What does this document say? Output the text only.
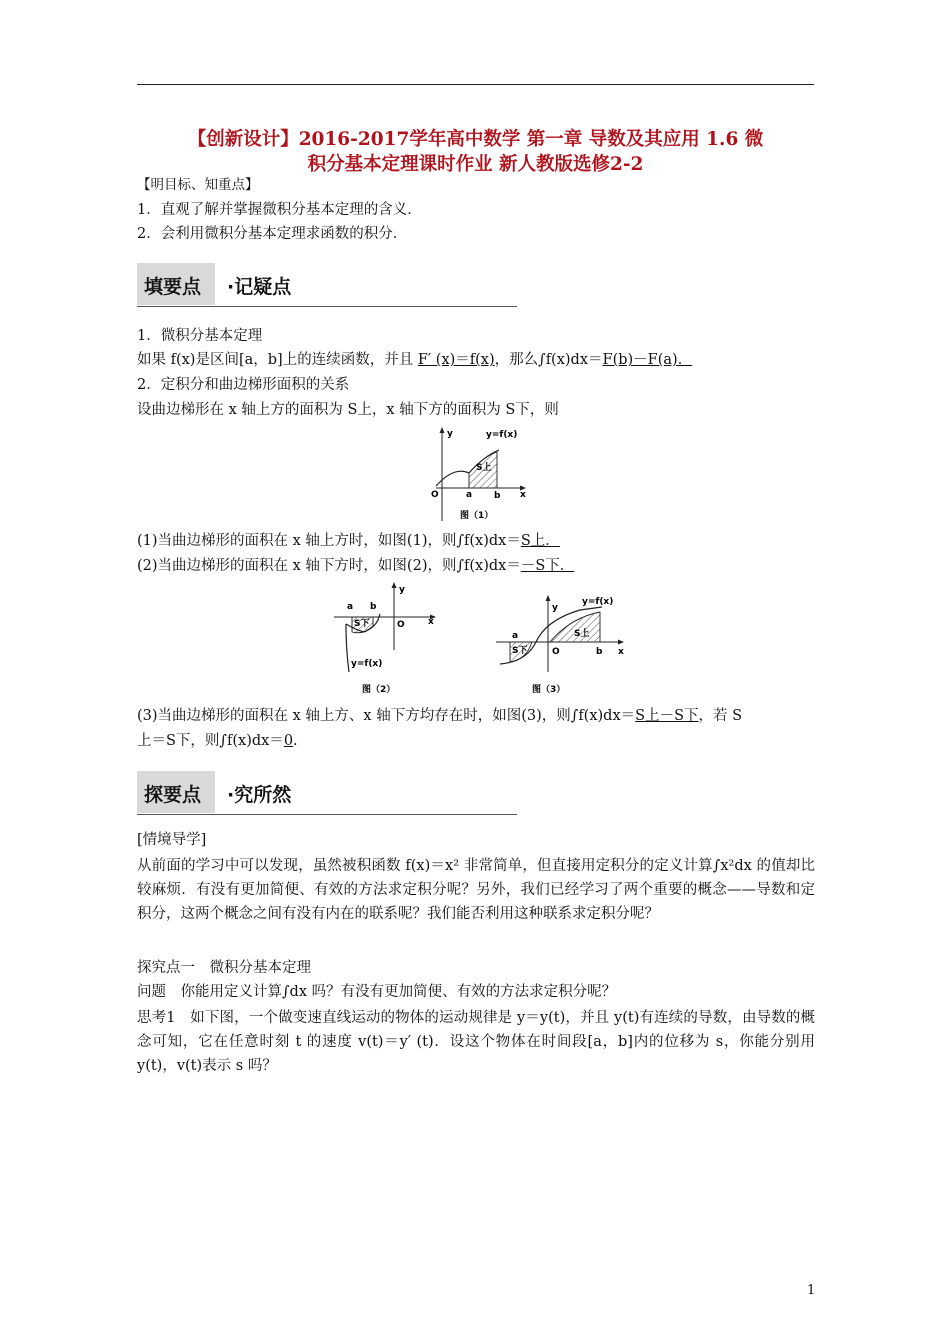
【创新设计】2016-2017学年高中数学 第一章 导数及其应用 1.6 微
积分基本定理课时作业 新人教版选修2-2
【明目标、知重点】
1．直观了解并掌握微积分基本定理的含义．
2．会利用微积分基本定理求函数的积分．
填要点 ·记疑点
1．微积分基本定理
如果 f(x)是区间[a，b]上的连续函数，并且 F′ (x)＝f(x)，那么∫f(x)dx＝F(b)－F(a)．
2．定积分和曲边梯形面积的关系
设曲边梯形在 x 轴上方的面积为 S上，x 轴下方的面积为 S下，则
y	y=f(x)
S上
O	a b x
图（1）
(1)当曲边梯形的面积在 x 轴上方时，如图(1)，则∫f(x)dx＝S上．
(2)当曲边梯形的面积在 x 轴下方时，如图(2)，则∫f(x)dx＝－S下．
y
a b
x
O
S下
y=f(x)
图（2）
y
y=f(x)
S上
S下
a
O	b x
图（3）
(3)当曲边梯形的面积在 x 轴上方、x 轴下方均存在时，如图(3)，则∫f(x)dx＝S上－S下，若 S
上＝S下，则∫f(x)dx＝0.
探要点 ·究所然
[情境导学]

从前面的学习中可以发现，虽然被积函数 f(x)＝x² 非常简单，但直接用定积分的定义计算∫x²dx 的值却比较麻烦．有没有更加简便、有效的方法求定积分呢？另外，我们已经学习了两个重要的概念——导数和定积分，这两个概念之间有没有内在的联系呢？我们能否利用这种联系求定积分呢？

探究点一　微积分基本定理
问题　你能用定义计算∫dx 吗？有没有更加简便、有效的方法求定积分呢？

思考1　如下图，一个做变速直线运动的物体的运动规律是 y＝y(t)，并且 y(t)有连续的导数，由导数的概念可知，它在任意时刻 t 的速度 v(t)＝y′ (t)．设这个物体在时间段[a，b]内的位移为 s，你能分别用 y(t)，v(t)表示 s 吗？

1
